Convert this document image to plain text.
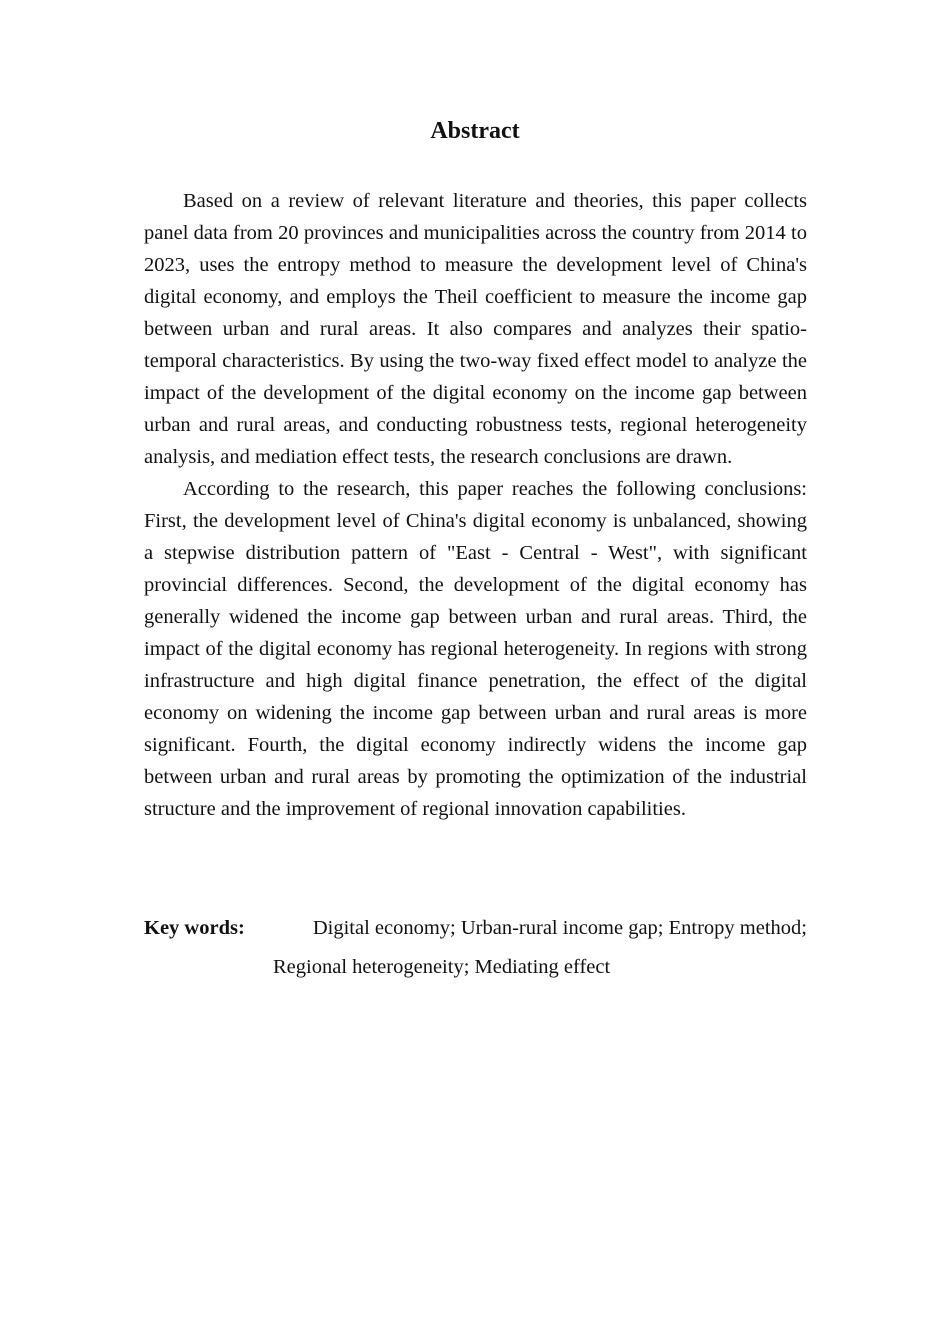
Abstract

Based on a review of relevant literature and theories, this paper collects panel data from 20 provinces and municipalities across the country from 2014 to 2023, uses the entropy method to measure the development level of China's digital economy, and employs the Theil coefficient to measure the income gap between urban and rural areas. It also compares and analyzes their spatio-temporal characteristics. By using the two-way fixed effect model to analyze the impact of the development of the digital economy on the income gap between urban and rural areas, and conducting robustness tests, regional heterogeneity analysis, and mediation effect tests, the research conclusions are drawn.

According to the research, this paper reaches the following conclusions: First, the development level of China's digital economy is unbalanced, showing a stepwise distribution pattern of "East - Central - West", with significant provincial differences. Second, the development of the digital economy has generally widened the income gap between urban and rural areas. Third, the impact of the digital economy has regional heterogeneity. In regions with strong infrastructure and high digital finance penetration, the effect of the digital economy on widening the income gap between urban and rural areas is more significant. Fourth, the digital economy indirectly widens the income gap between urban and rural areas by promoting the optimization of the industrial structure and the improvement of regional innovation capabilities.

Key words:	Digital economy; Urban-rural income gap; Entropy method;
Regional heterogeneity; Mediating effect
